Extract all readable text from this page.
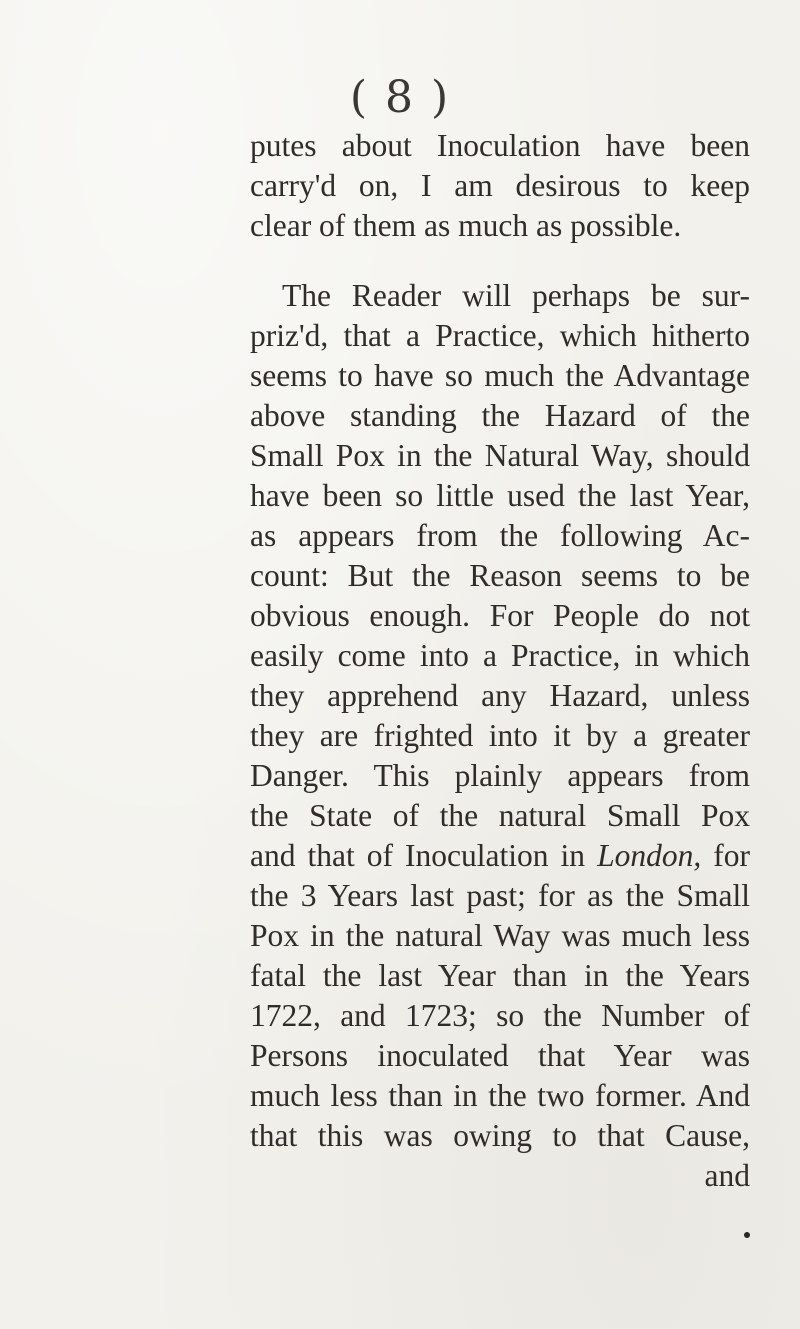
( 8 )
putes about Inoculation have been
carry'd on, I am desirous to keep
clear of them as much as possible.
The Reader will perhaps be sur-
priz'd, that a Practice, which hitherto
seems to have so much the Advantage
above standing the Hazard of the
Small Pox in the Natural Way, should
have been so little used the last Year,
as appears from the following Ac-
count: But the Reason seems to be
obvious enough. For People do not
easily come into a Practice, in which
they apprehend any Hazard, unless
they are frighted into it by a greater
Danger. This plainly appears from
the State of the natural Small Pox
and that of Inoculation in London, for
the 3 Years last past; for as the Small
Pox in the natural Way was much less
fatal the last Year than in the Years
1722, and 1723; so the Number of
Persons inoculated that Year was
much less than in the two former. And
that this was owing to that Cause,
and
